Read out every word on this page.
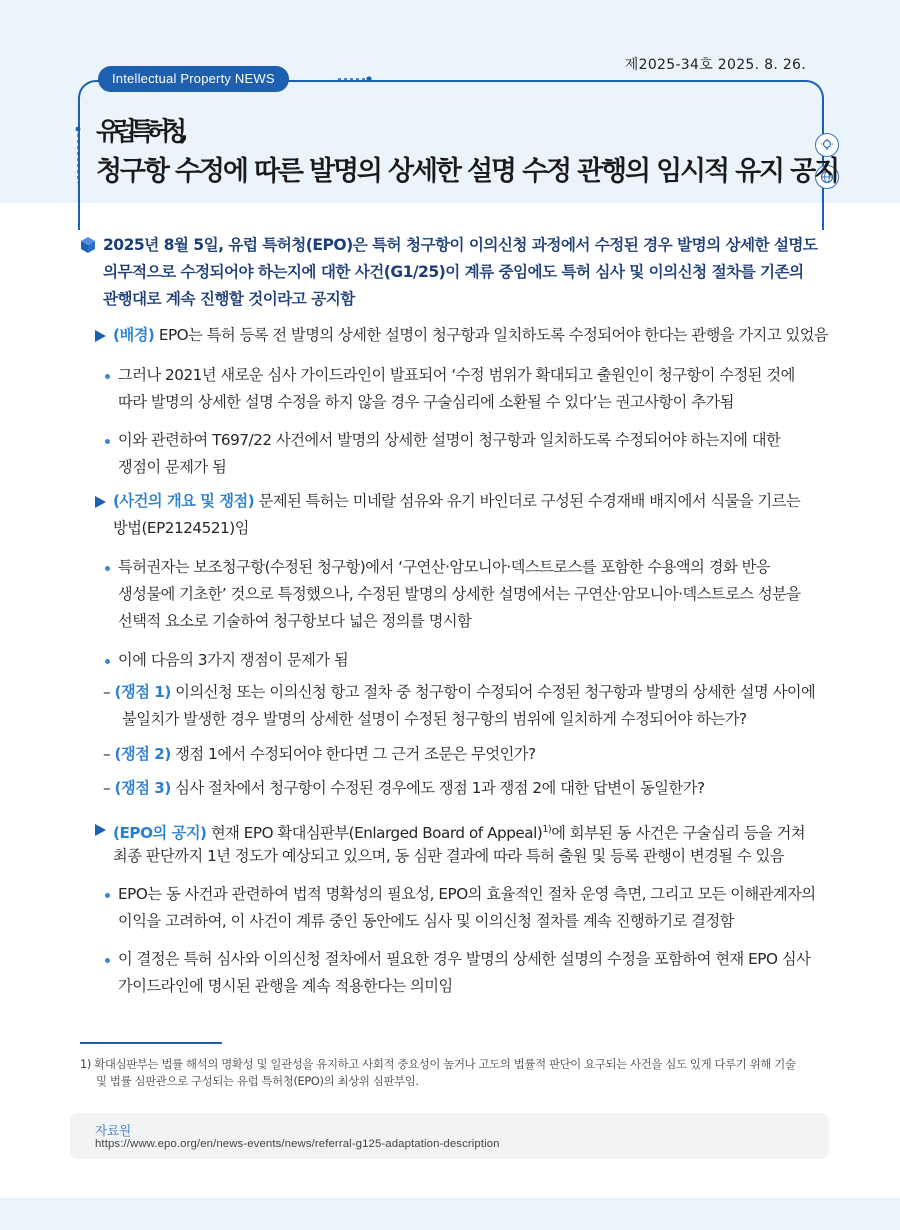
제2025-34호 2025. 8. 26.
Intellectual Property NEWS
유럽 특허청,
청구항 수정에 따른 발명의 상세한 설명 수정 관행의 임시적 유지 공지
2025년 8월 5일, 유럽 특허청(EPO)은 특허 청구항이 이의신청 과정에서 수정된 경우 발명의 상세한 설명도
의무적으로 수정되어야 하는지에 대한 사건(G1/25)이 계류 중임에도 특허 심사 및 이의신청 절차를 기존의
관행대로 계속 진행할 것이라고 공지함
(배경) EPO는 특허 등록 전 발명의 상세한 설명이 청구항과 일치하도록 수정되어야 한다는 관행을 가지고 있었음
그러나 2021년 새로운 심사 가이드라인이 발표되어 ‘수정 범위가 확대되고 출원인이 청구항이 수정된 것에
따라 발명의 상세한 설명 수정을 하지 않을 경우 구술심리에 소환될 수 있다’는 권고사항이 추가됨
이와 관련하여 T697/22 사건에서 발명의 상세한 설명이 청구항과 일치하도록 수정되어야 하는지에 대한
쟁점이 문제가 됨
(사건의 개요 및 쟁점) 문제된 특허는 미네랄 섬유와 유기 바인더로 구성된 수경재배 배지에서 식물을 기르는
방법(EP2124521)임
특허권자는 보조청구항(수정된 청구항)에서 ‘구연산·암모니아·덱스트로스를 포함한 수용액의 경화 반응
생성물에 기초한’ 것으로 특정했으나, 수정된 발명의 상세한 설명에서는 구연산·암모니아·덱스트로스 성분을
선택적 요소로 기술하여 청구항보다 넓은 정의를 명시함
이에 다음의 3가지 쟁점이 문제가 됨
– (쟁점 1) 이의신청 또는 이의신청 항고 절차 중 청구항이 수정되어 수정된 청구항과 발명의 상세한 설명 사이에
불일치가 발생한 경우 발명의 상세한 설명이 수정된 청구항의 범위에 일치하게 수정되어야 하는가?
– (쟁점 2) 쟁점 1에서 수정되어야 한다면 그 근거 조문은 무엇인가?
– (쟁점 3) 심사 절차에서 청구항이 수정된 경우에도 쟁점 1과 쟁점 2에 대한 답변이 동일한가?
(EPO의 공지) 현재 EPO 확대심판부(Enlarged Board of Appeal)$^{1)}$에 회부된 동 사건은 구술심리 등을 거쳐
최종 판단까지 1년 정도가 예상되고 있으며, 동 심판 결과에 따라 특허 출원 및 등록 관행이 변경될 수 있음
EPO는 동 사건과 관련하여 법적 명확성의 필요성, EPO의 효율적인 절차 운영 측면, 그리고 모든 이해관계자의
이익을 고려하여, 이 사건이 계류 중인 동안에도 심사 및 이의신청 절차를 계속 진행하기로 결정함
이 결정은 특허 심사와 이의신청 절차에서 필요한 경우 발명의 상세한 설명의 수정을 포함하여 현재 EPO 심사
가이드라인에 명시된 관행을 계속 적용한다는 의미임
1) 확대심판부는 법률 해석의 명확성 및 일관성을 유지하고 사회적 중요성이 높거나 고도의 법률적 판단이 요구되는 사건을 심도 있게 다루기 위해 기술
및 법률 심판관으로 구성되는 유럽 특허청(EPO)의 최상위 심판부임.
자료원
https://www.epo.org/en/news-events/news/referral-g125-adaptation-description
